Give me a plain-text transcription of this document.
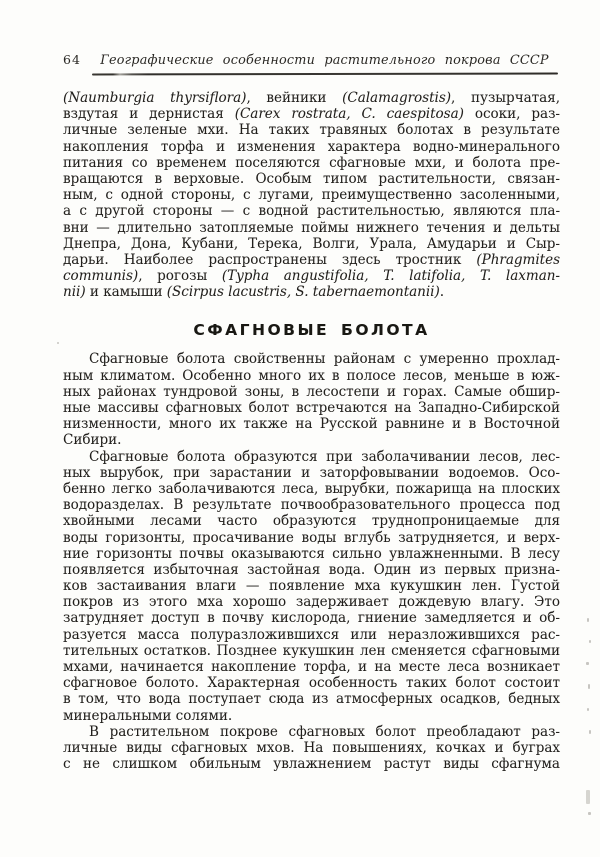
64	Географические особенности растительного покрова СССР
(Naumburgia thyrsiflora), вейники (Calamagrostis), пузырчатая,
вздутая и дернистая (Carex rostrata, C. caespitosa) осоки, раз-
личные зеленые мхи. На таких травяных болотах в результате
накопления торфа и изменения характера водно-минерального
питания со временем поселяются сфагновые мхи, и болота пре-
вращаются в верховые. Особым типом растительности, связан-
ным, с одной стороны, с лугами, преимущественно засоленными,
а с другой стороны — с водной растительностью, являются пла-
вни — длительно затопляемые поймы нижнего течения и дельты
Днепра, Дона, Кубани, Терека, Волги, Урала, Амударьи и Сыр-
дарьи. Наиболее распространены здесь тростник (Phragmites
communis), рогозы (Typha angustifolia, T. latifolia, T. laxman-
nii) и камыши (Scirpus lacustris, S. tabernaemontanii).
СФАГНОВЫЕ БОЛОТА
Сфагновые болота свойственны районам с умеренно прохлад-
ным климатом. Особенно много их в полосе лесов, меньше в юж-
ных районах тундровой зоны, в лесостепи и горах. Самые обшир-
ные массивы сфагновых болот встречаются на Западно-Сибирской
низменности, много их также на Русской равнине и в Восточной
Сибири.
Сфагновые болота образуются при заболачивании лесов, лес-
ных вырубок, при зарастании и заторфовывании водоемов. Осо-
бенно легко заболачиваются леса, вырубки, пожарища на плоских
водоразделах. В результате почвообразовательного процесса под
хвойными лесами часто образуются труднопроницаемые для
воды горизонты, просачивание воды вглубь затрудняется, и верх-
ние горизонты почвы оказываются сильно увлажненными. В лесу
появляется избыточная застойная вода. Один из первых призна-
ков застаивания влаги — появление мха кукушкин лен. Густой
покров из этого мха хорошо задерживает дождевую влагу. Это
затрудняет доступ в почву кислорода, гниение замедляется и об-
разуется масса полуразложившихся или неразложившихся рас-
тительных остатков. Позднее кукушкин лен сменяется сфагновыми
мхами, начинается накопление торфа, и на месте леса возникает
сфагновое болото. Характерная особенность таких болот состоит
в том, что вода поступает сюда из атмосферных осадков, бедных
минеральными солями.
В растительном покрове сфагновых болот преобладают раз-
личные виды сфагновых мхов. На повышениях, кочках и буграх
с не слишком обильным увлажнением растут виды сфагнума
